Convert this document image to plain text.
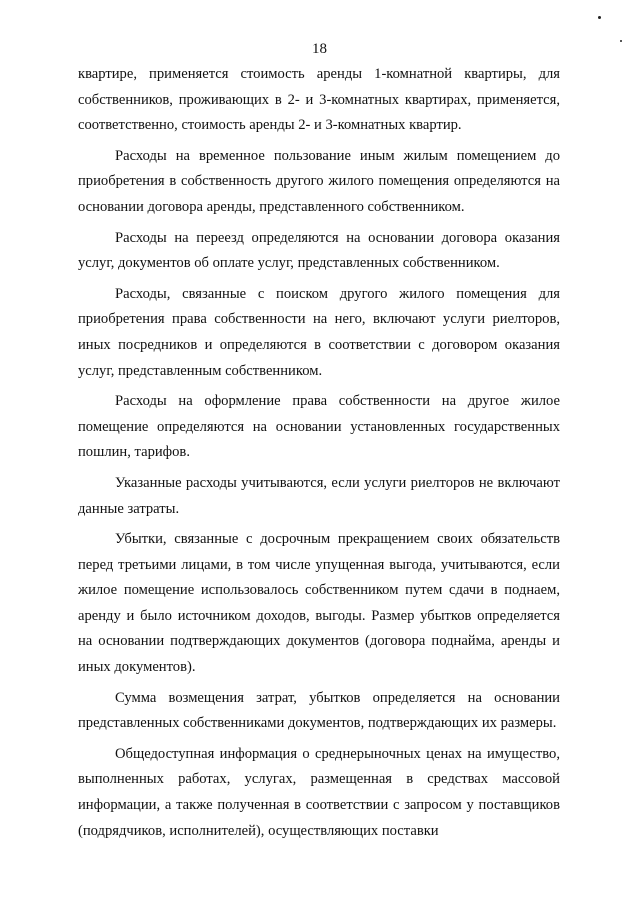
18

квартире, применяется стоимость аренды 1-комнатной квартиры, для собственников, проживающих в 2- и 3-комнатных квартирах, применяется, соответственно, стоимость аренды 2- и 3-комнатных квартир.

Расходы на временное пользование иным жилым помещением до приобретения в собственность другого жилого помещения определяются на основании договора аренды, представленного собственником.

Расходы на переезд определяются на основании договора оказания услуг, документов об оплате услуг, представленных собственником.

Расходы, связанные с поиском другого жилого помещения для приобретения права собственности на него, включают услуги риелторов, иных посредников и определяются в соответствии с договором оказания услуг, представленным собственником.

Расходы на оформление права собственности на другое жилое помещение определяются на основании установленных государственных пошлин, тарифов.

Указанные расходы учитываются, если услуги риелторов не включают данные затраты.

Убытки, связанные с досрочным прекращением своих обязательств перед третьими лицами, в том числе упущенная выгода, учитываются, если жилое помещение использовалось собственником путем сдачи в поднаем, аренду и было источником доходов, выгоды. Размер убытков определяется на основании подтверждающих документов (договора поднайма, аренды и иных документов).

Сумма возмещения затрат, убытков определяется на основании представленных собственниками документов, подтверждающих их размеры.

Общедоступная информация о среднерыночных ценах на имущество, выполненных работах, услугах, размещенная в средствах массовой информации, а также полученная в соответствии с запросом у поставщиков (подрядчиков, исполнителей), осуществляющих поставки
